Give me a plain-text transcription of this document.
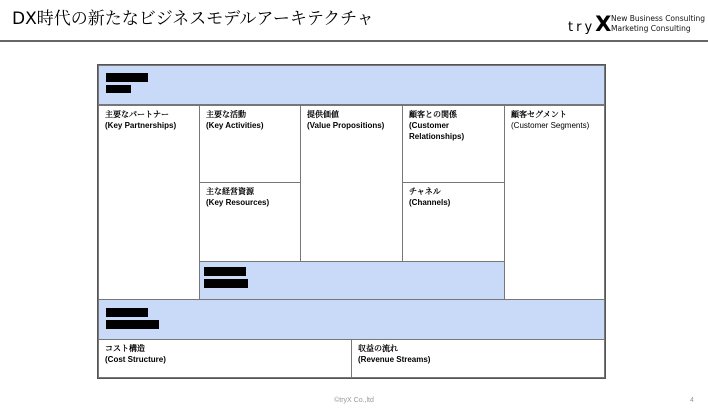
DX時代の新たなビジネスモデルアーキテクチャ	tryX New Business Consulting
Marketing Consulting
主要なパートナー
(Key Partnerships)
主要な活動
(Key Activities)
主な経営資源
(Key Resources)
提供価値
(Value Propositions)
顧客との関係
(Customer Relationships)
チャネル
(Channels)
顧客セグメント
(Customer Segments)
コスト構造
(Cost Structure)
収益の流れ
(Revenue Streams)
©tryX Co.,ltd	4
